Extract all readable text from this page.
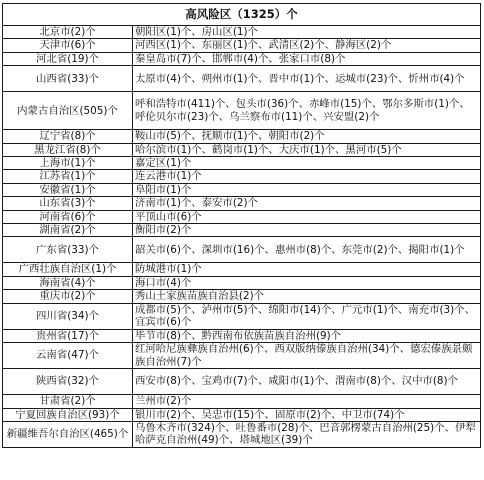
高风险区（1325）个	
北京市(2)个	朝阳区(1)个、房山区(1)个
天津市(6)个	河西区(1)个、东丽区(1)个、武清区(2)个、静海区(2)个
河北省(19)个	秦皇岛市(7)个、邯郸市(4)个、张家口市(8)个
山西省(33)个	太原市(4)个、朔州市(1)个、晋中市(1)个、运城市(23)个、忻州市(4)个
内蒙古自治区(505)个	呼和浩特市(411)个、包头市(36)个、赤峰市(15)个、鄂尔多斯市(1)个、呼伦贝尔市(23)个、乌兰察布市(11)个、兴安盟(2)个
辽宁省(8)个	鞍山市(5)个、抚顺市(1)个、朝阳市(2)个
黑龙江省(8)个	哈尔滨市(1)个、鹤岗市(1)个、大庆市(1)个、黑河市(5)个
上海市(1)个	嘉定区(1)个
江苏省(1)个	连云港市(1)个
安徽省(1)个	阜阳市(1)个
山东省(3)个	济南市(1)个、泰安市(2)个
河南省(6)个	平顶山市(6)个
湖南省(2)个	衡阳市(2)个
广东省(33)个	韶关市(6)个、深圳市(16)个、惠州市(8)个、东莞市(2)个、揭阳市(1)个
广西壮族自治区(1)个	防城港市(1)个
海南省(4)个	海口市(4)个
重庆市(2)个	秀山土家族苗族自治县(2)个
四川省(34)个	成都市(5)个、泸州市(5)个、绵阳市(14)个、广元市(1)个、南充市(3)个、宜宾市(6)个
贵州省(17)个	毕节市(8)个、黔西南布依族苗族自治州(9)个
云南省(47)个	红河哈尼族彝族自治州(6)个、西双版纳傣族自治州(34)个、德宏傣族景颇族自治州(7)个
陕西省(32)个	西安市(8)个、宝鸡市(7)个、咸阳市(1)个、渭南市(8)个、汉中市(8)个
甘肃省(2)个	兰州市(2)个
宁夏回族自治区(93)个	银川市(2)个、吴忠市(15)个、固原市(2)个、中卫市(74)个
新疆维吾尔自治区(465)个	乌鲁木齐市(324)个、吐鲁番市(28)个、巴音郭楞蒙古自治州(25)个、伊犁哈萨克自治州(49)个、塔城地区(39)个
